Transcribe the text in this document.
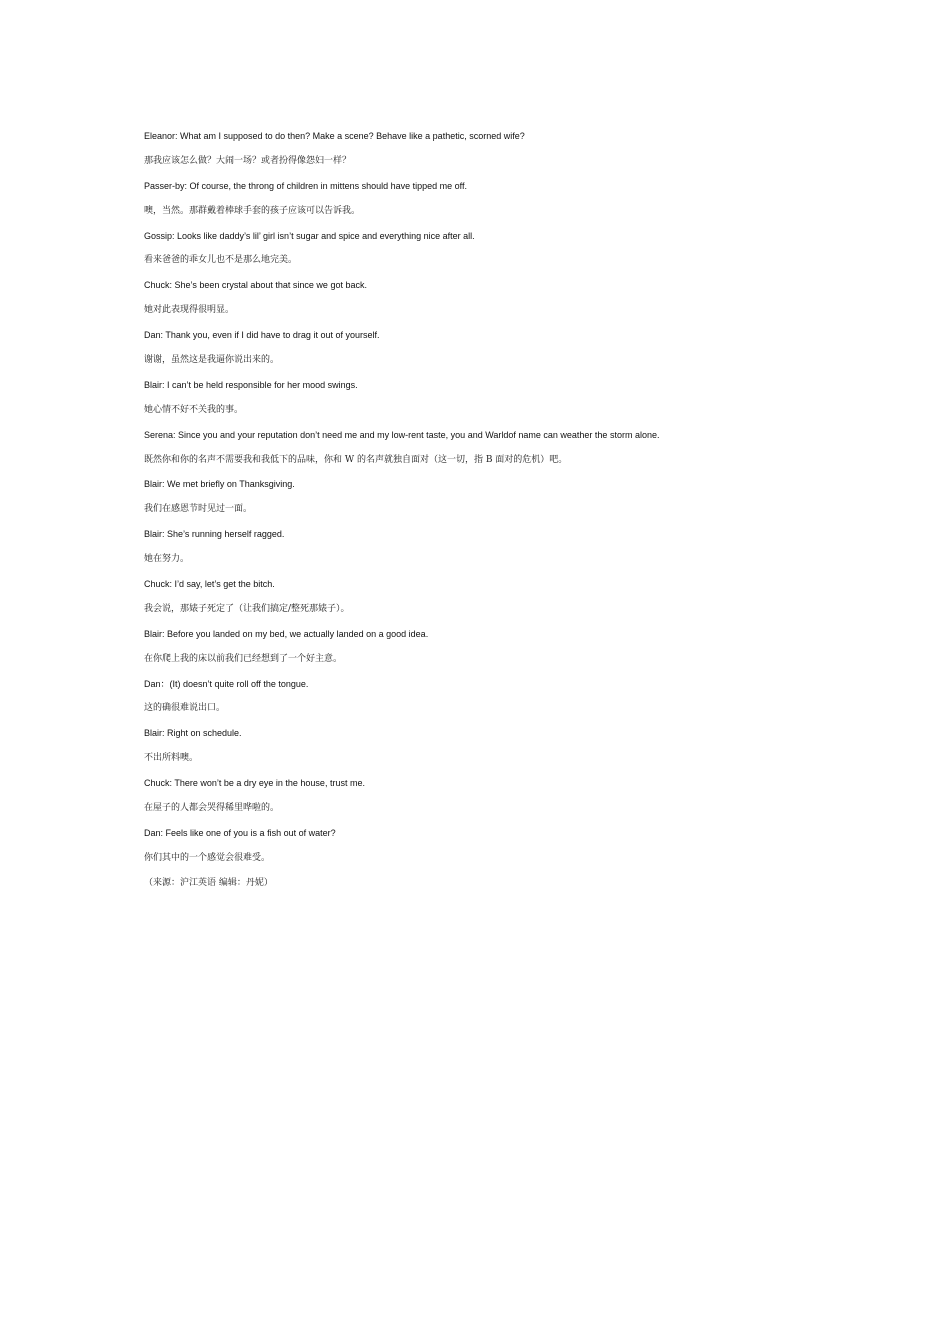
Eleanor: What am I supposed to do then? Make a scene? Behave like a pathetic, scorned wife?
那我应该怎么做？大闹一场？或者扮得像怨妇一样？
Passer-by: Of course, the throng of children in mittens should have tipped me off.
噢，当然。那群戴着棒球手套的孩子应该可以告诉我。
Gossip: Looks like daddy’s lil’ girl isn’t sugar and spice and everything nice after all.
看来爸爸的乖女儿也不是那么地完美。
Chuck: She’s been crystal about that since we got back.
她对此表现得很明显。
Dan: Thank you, even if I did have to drag it out of yourself.
谢谢，虽然这是我逼你说出来的。
Blair: I can’t be held responsible for her mood swings.
她心情不好不关我的事。
Serena: Since you and your reputation don’t need me and my low-rent taste, you and Warldof name can weather the storm alone.
既然你和你的名声不需要我和我低下的品味，你和 W 的名声就独自面对（这一切，指 B 面对的危机）吧。
Blair: We met briefly on Thanksgiving.
我们在感恩节时见过一面。
Blair: She’s running herself ragged.
她在努力。
Chuck: I’d say, let’s get the bitch.
我会说，那婊子死定了（让我们搞定/整死那婊子）。
Blair: Before you landed on my bed, we actually landed on a good idea.
在你爬上我的床以前我们已经想到了一个好主意。
Dan：(It) doesn’t quite roll off the tongue.
这的确很难说出口。
Blair: Right on schedule.
不出所料噢。
Chuck: There won’t be a dry eye in the house, trust me.
在屋子的人都会哭得稀里哗啦的。
Dan: Feels like one of you is a fish out of water?
你们其中的一个感觉会很难受。
（来源：沪江英语 编辑：丹妮）
